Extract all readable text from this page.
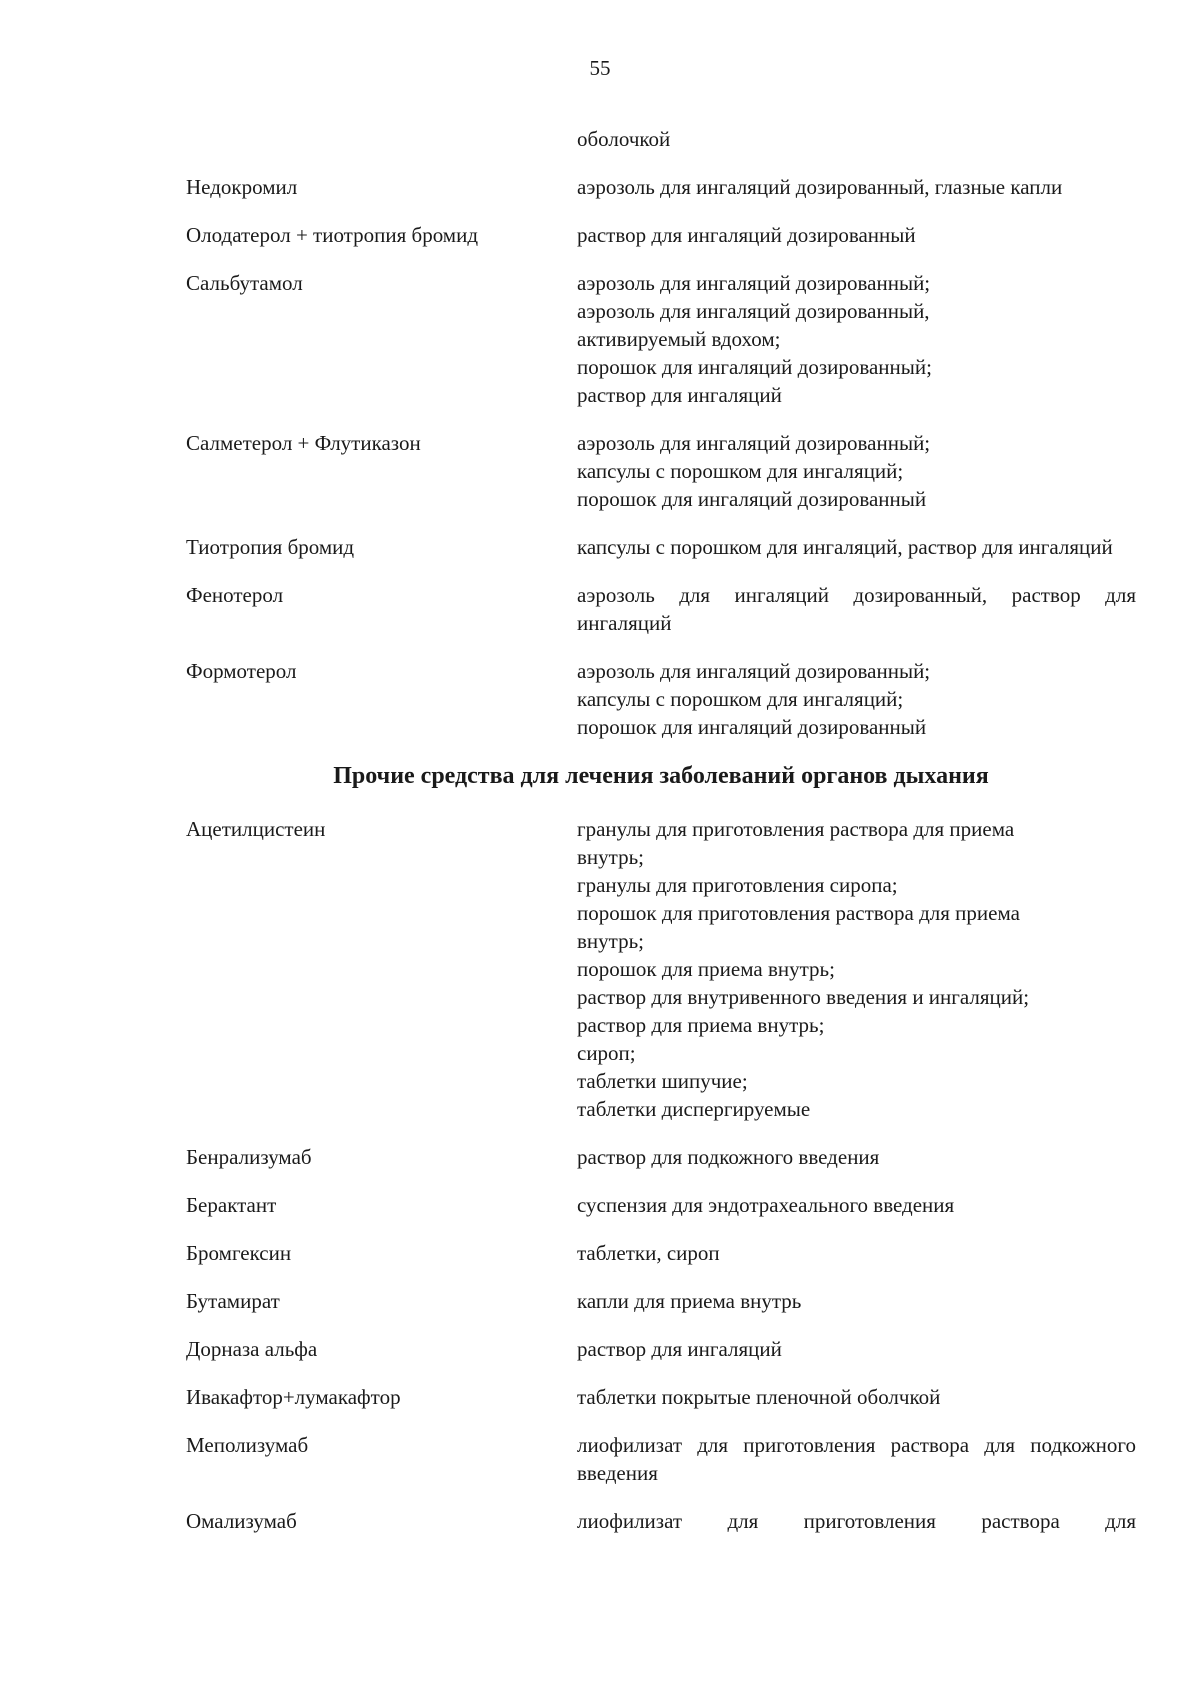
55
оболочкой
Недокромил	аэрозоль для ингаляций дозированный, глазные капли
Олодатерол + тиотропия бромид	раствор для ингаляций дозированный
Сальбутамол	аэрозоль для ингаляций дозированный;
аэрозоль для ингаляций дозированный,
активируемый вдохом;
порошок для ингаляций дозированный;
раствор для ингаляций
Салметерол + Флутиказон	аэрозоль для ингаляций дозированный;
капсулы с порошком для ингаляций;
порошок для ингаляций дозированный
Тиотропия бромид	капсулы с порошком для ингаляций, раствор для ингаляций
Фенотерол	аэрозоль для ингаляций дозированный, раствор для ингаляций
Формотерол	аэрозоль для ингаляций дозированный;
капсулы с порошком для ингаляций;
порошок для ингаляций дозированный
Прочие средства для лечения заболеваний органов дыхания
Ацетилцистеин	гранулы для приготовления раствора для приема
внутрь;
гранулы для приготовления сиропа;
порошок для приготовления раствора для приема
внутрь;
порошок для приема внутрь;
раствор для внутривенного введения и ингаляций;
раствор для приема внутрь;
сироп;
таблетки шипучие;
таблетки диспергируемые
Бенрализумаб	раствор для подкожного введения
Берактант	суспензия для эндотрахеального введения
Бромгексин	таблетки, сироп
Бутамират	капли для приема внутрь
Дорназа альфа	раствор для ингаляций
Ивакафтор+лумакафтор	таблетки покрытые пленочной оболчкой
Меполизумаб	лиофилизат для приготовления раствора для подкожного введения
Омализумаб	лиофилизат для приготовления раствора для
